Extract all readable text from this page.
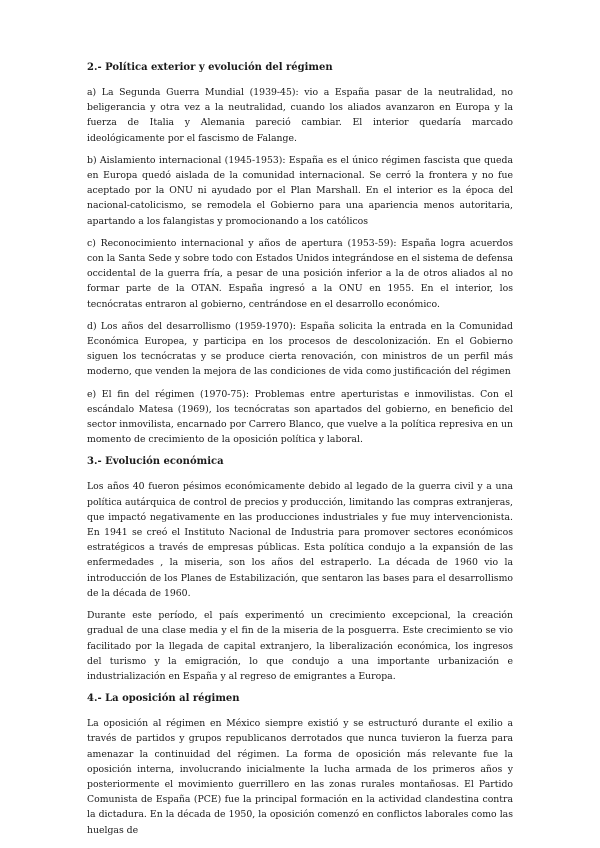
2.- Política exterior y evolución del régimen

a) La Segunda Guerra Mundial (1939-45): vio a España pasar de la neutralidad, no beligerancia y otra vez a la neutralidad, cuando los aliados avanzaron en Europa y la fuerza de Italia y Alemania pareció cambiar. El interior quedaría marcado ideológicamente por el fascismo de Falange.

b) Aislamiento internacional (1945-1953): España es el único régimen fascista que queda en Europa quedó aislada de la comunidad internacional. Se cerró la frontera y no fue aceptado por la ONU ni ayudado por el Plan Marshall. En el interior es la época del nacional-catolicismo, se remodela el Gobierno para una apariencia menos autoritaria, apartando a los falangistas y promocionando a los católicos

c) Reconocimiento internacional y años de apertura (1953-59): España logra acuerdos con la Santa Sede y sobre todo con Estados Unidos integrándose en el sistema de defensa occidental de la guerra fría, a pesar de una posición inferior a la de otros aliados al no formar parte de la OTAN. España ingresó a la ONU en 1955. En el interior, los tecnócratas entraron al gobierno, centrándose en el desarrollo económico.

d) Los años del desarrollismo (1959-1970): España solicita la entrada en la Comunidad Económica Europea, y participa en los procesos de descolonización. En el Gobierno siguen los tecnócratas y se produce cierta renovación, con ministros de un perfil más moderno, que venden la mejora de las condiciones de vida como justificación del régimen

e) El fin del régimen (1970-75): Problemas entre aperturistas e inmovilistas. Con el escándalo Matesa (1969), los tecnócratas son apartados del gobierno, en beneficio del sector inmovilista, encarnado por Carrero Blanco, que vuelve a la política represiva en un momento de crecimiento de la oposición política y laboral.

3.- Evolución económica

Los años 40 fueron pésimos económicamente debido al legado de la guerra civil y a una política autárquica de control de precios y producción, limitando las compras extranjeras, que impactó negativamente en las producciones industriales y fue muy intervencionista. En 1941 se creó el Instituto Nacional de Industria para promover sectores económicos estratégicos a través de empresas públicas. Esta política condujo a la expansión de las enfermedades , la miseria, son los años del estraperlo. La década de 1960 vio la introducción de los Planes de Estabilización, que sentaron las bases para el desarrollismo de la década de 1960.

Durante este período, el país experimentó un crecimiento excepcional, la creación gradual de una clase media y el fin de la miseria de la posguerra. Este crecimiento se vio facilitado por la llegada de capital extranjero, la liberalización económica, los ingresos del turismo y la emigración, lo que condujo a una importante urbanización e industrialización en España y al regreso de emigrantes a Europa.

4.- La oposición al régimen

La oposición al régimen en México siempre existió y se estructuró durante el exilio a través de partidos y grupos republicanos derrotados que nunca tuvieron la fuerza para amenazar la continuidad del régimen. La forma de oposición más relevante fue la oposición interna, involucrando inicialmente la lucha armada de los primeros años y posteriormente el movimiento guerrillero en las zonas rurales montañosas. El Partido Comunista de España (PCE) fue la principal formación en la actividad clandestina contra la dictadura. En la década de 1950, la oposición comenzó en conflictos laborales como las huelgas de
